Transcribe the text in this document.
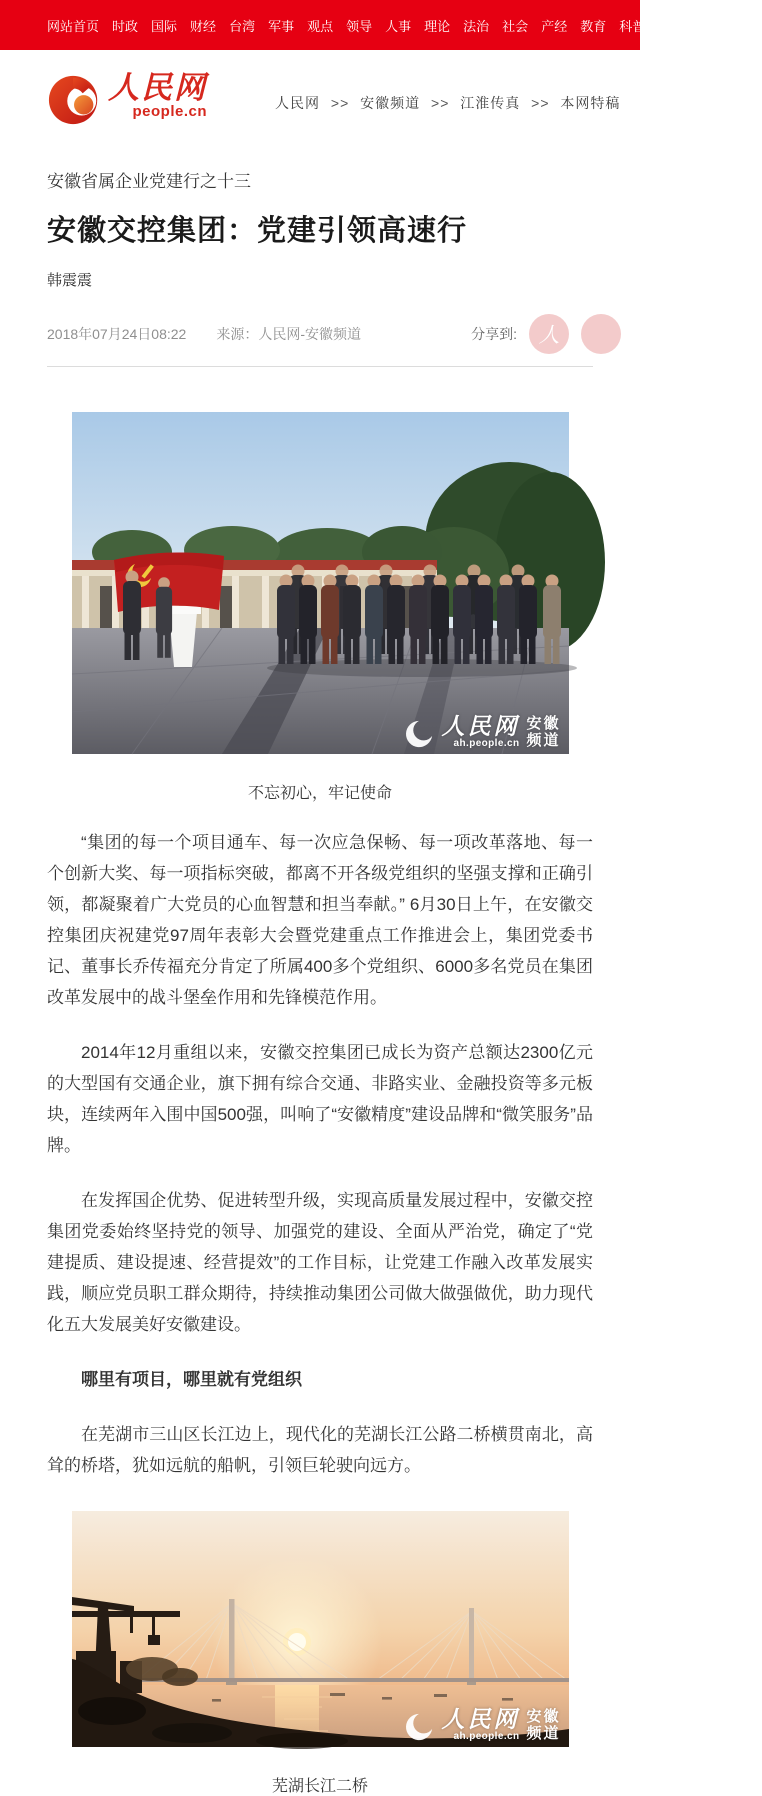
网站首页 时政 国际 财经 台湾 军事 观点 领导 人事 理论 法治 社会 产经 教育 科普 体育 文化 书画
人民网
people.cn
人民网 >> 安徽频道 >> 江淮传真 >> 本网特稿
安徽省属企业党建行之十三
安徽交控集团：党建引领高速行
韩震震
2018年07月24日08:22 来源：人民网-安徽频道	分享到:	人
人民网
ah.people.cn
安徽
频道
不忘初心，牢记使命

“集团的每一个项目通车、每一次应急保畅、每一项改革落地、每一个创新大奖、每一项指标突破，都离不开各级党组织的坚强支撑和正确引领，都凝聚着广大党员的心血智慧和担当奉献。” 6月30日上午，在安徽交控集团庆祝建党97周年表彰大会暨党建重点工作推进会上，集团党委书记、董事长乔传福充分肯定了所属400多个党组织、6000多名党员在集团改革发展中的战斗堡垒作用和先锋模范作用。

2014年12月重组以来，安徽交控集团已成长为资产总额达2300亿元的大型国有交通企业，旗下拥有综合交通、非路实业、金融投资等多元板块，连续两年入围中国500强，叫响了“安徽精度”建设品牌和“微笑服务”品牌。

在发挥国企优势、促进转型升级，实现高质量发展过程中，安徽交控集团党委始终坚持党的领导、加强党的建设、全面从严治党，确定了“党建提质、建设提速、经营提效”的工作目标，让党建工作融入改革发展实践，顺应党员职工群众期待，持续推动集团公司做大做强做优，助力现代化五大发展美好安徽建设。

哪里有项目，哪里就有党组织

在芜湖市三山区长江边上，现代化的芜湖长江公路二桥横贯南北，高耸的桥塔，犹如远航的船帆，引领巨轮驶向远方。

人民网
ah.people.cn
安徽
频道
芜湖长江二桥
